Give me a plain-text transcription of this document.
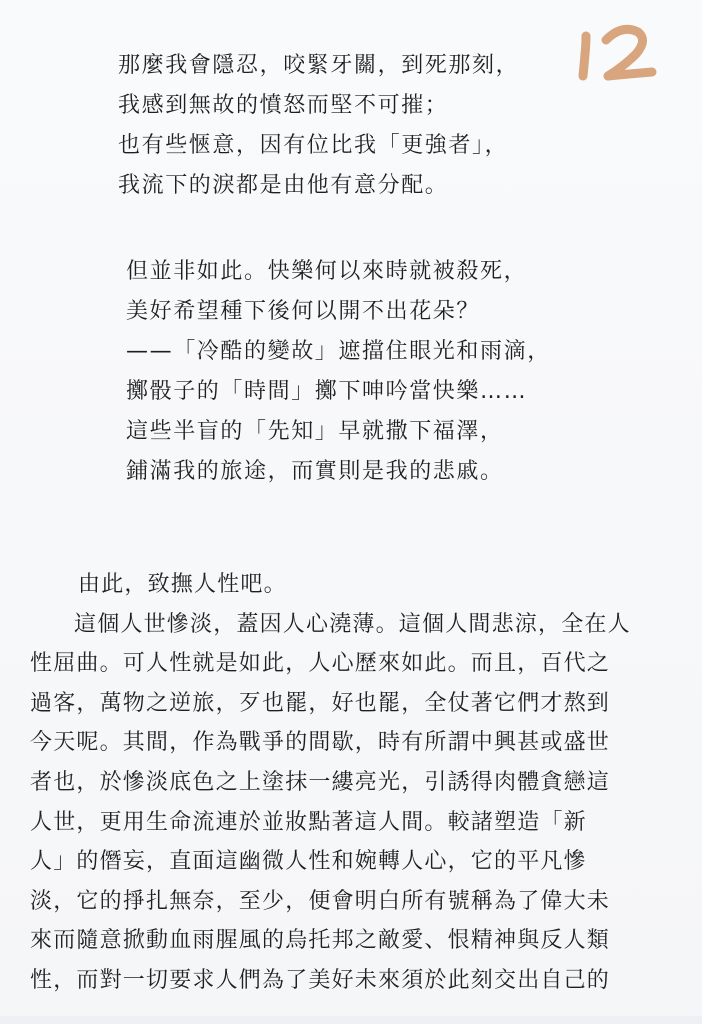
那麼我會隱忍，咬緊牙關，到死那刻，
我感到無故的憤怒而堅不可摧；
也有些愜意，因有位比我「更強者」，
我流下的淚都是由他有意分配。
但並非如此。快樂何以來時就被殺死，
美好希望種下後何以開不出花朵？
——「冷酷的變故」遮擋住眼光和雨滴，
擲骰子的「時間」擲下呻吟當快樂……
這些半盲的「先知」早就撒下福澤，
鋪滿我的旅途，而實則是我的悲戚。
由此，致撫人性吧。
這個人世慘淡，蓋因人心澆薄。這個人間悲涼，全在人
性屈曲。可人性就是如此，人心歷來如此。而且，百代之
過客，萬物之逆旅，歹也罷，好也罷，全仗著它們才熬到
今天呢。其間，作為戰爭的間歇，時有所謂中興甚或盛世
者也，於慘淡底色之上塗抹一縷亮光，引誘得肉體貪戀這
人世，更用生命流連於並妝點著這人間。較諸塑造「新
人」的僭妄，直面這幽微人性和婉轉人心，它的平凡慘
淡，它的掙扎無奈，至少，便會明白所有號稱為了偉大未
來而隨意掀動血雨腥風的烏托邦之敵愛、恨精神與反人類
性，而對一切要求人們為了美好未來須於此刻交出自己的
